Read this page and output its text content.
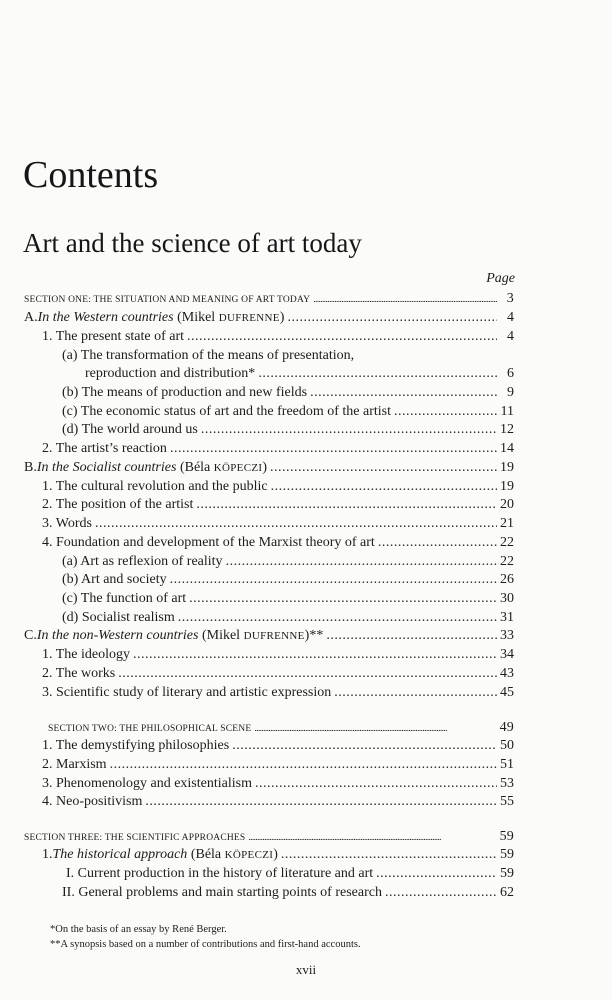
Contents
Art and the science of art today
Page
SECTION ONE: THE SITUATION AND MEANING OF ART TODAY . . .	3
A.In the Western countries (Mikel DUFRENNE) . . .	4
1. The present state of art . . .	4
(a) The transformation of the means of presentation,
reproduction and distribution* . . .	6
(b) The means of production and new fields . . .	9
(c) The economic status of art and the freedom of the artist . . .	11
(d) The world around us . . .	12
2. The artist’s reaction . . .	14
B.In the Socialist countries (Béla KÖPECZI) . . .	19
1. The cultural revolution and the public . . .	19
2. The position of the artist . . .	20
3. Words . . .	21
4. Foundation and development of the Marxist theory of art . . .	22
(a) Art as reflexion of reality . . .	22
(b) Art and society . . .	26
(c) The function of art . . .	30
(d) Socialist realism . . .	31
C.In the non-Western countries (Mikel DUFRENNE)** . . .	33
1. The ideology . . .	34
2. The works . . .	43
3. Scientific study of literary and artistic expression . . .	45
SECTION TWO: THE PHILOSOPHICAL SCENE . . .	49
1. The demystifying philosophies . . .	50
2. Marxism . . .	51
3. Phenomenology and existentialism . . .	53
4. Neo-positivism . . .	55
SECTION THREE: THE SCIENTIFIC APPROACHES . . .	59
1.The historical approach (Béla KÖPECZI) . . .	59
I. Current production in the history of literature and art . . .	59
II. General problems and main starting points of research . . .	62
*On the basis of an essay by René Berger.
**A synopsis based on a number of contributions and first-hand accounts.
xvii
